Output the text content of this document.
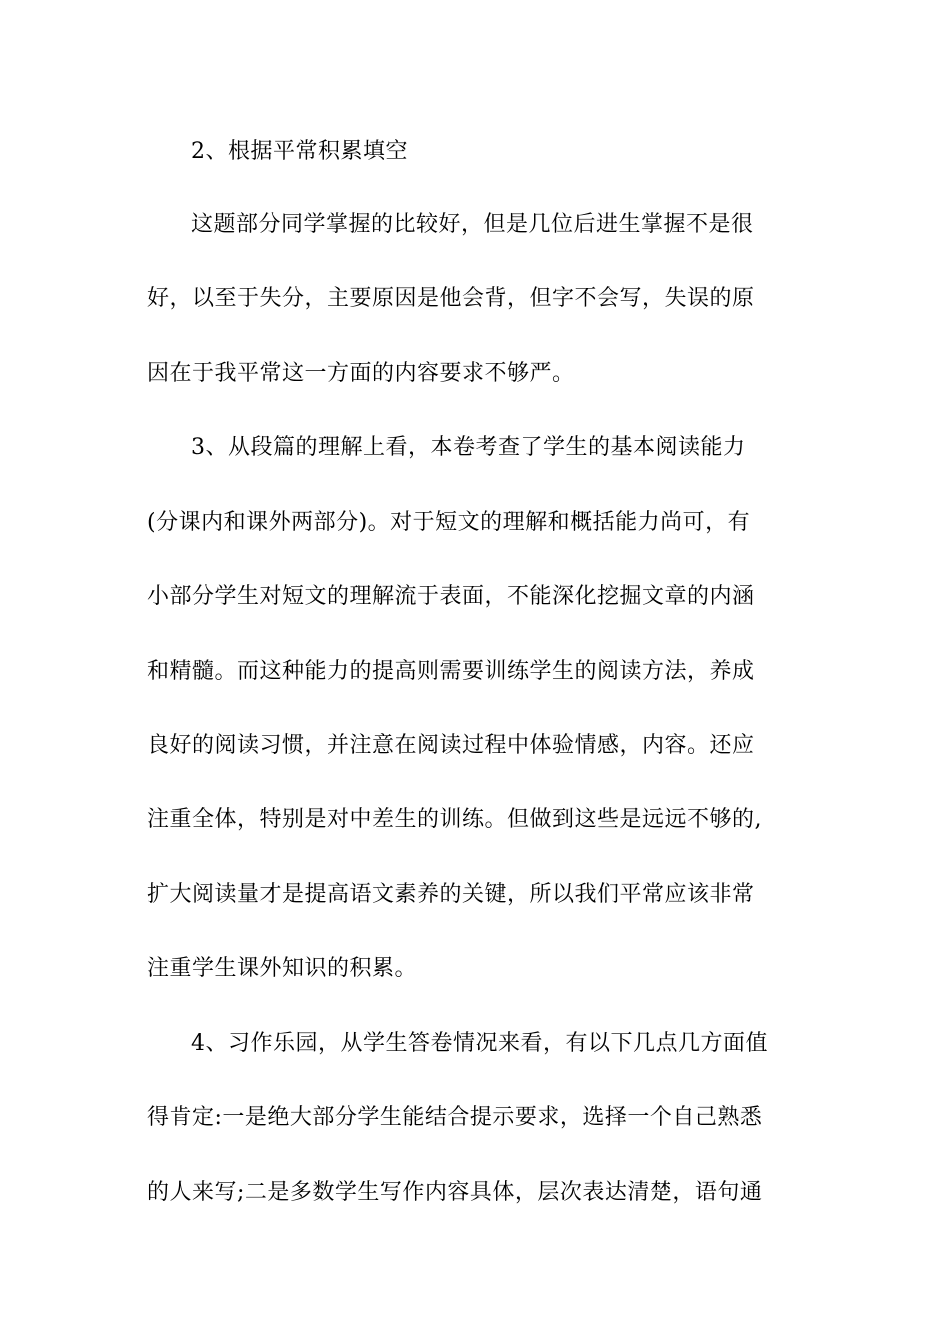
2、根据平常积累填空
这题部分同学掌握的比较好，但是几位后进生掌握不是很
好，以至于失分，主要原因是他会背，但字不会写，失误的原
因在于我平常这一方面的内容要求不够严。
3、从段篇的理解上看，本卷考查了学生的基本阅读能力
(分课内和课外两部分)。对于短文的理解和概括能力尚可，有
小部分学生对短文的理解流于表面，不能深化挖掘文章的内涵
和精髓。而这种能力的提高则需要训练学生的阅读方法，养成
良好的阅读习惯，并注意在阅读过程中体验情感，内容。还应
注重全体，特别是对中差生的训练。但做到这些是远远不够的,
扩大阅读量才是提高语文素养的关键，所以我们平常应该非常
注重学生课外知识的积累。
4、习作乐园，从学生答卷情况来看，有以下几点几方面值
得肯定:一是绝大部分学生能结合提示要求，选择一个自己熟悉
的人来写;二是多数学生写作内容具体，层次表达清楚，语句通
